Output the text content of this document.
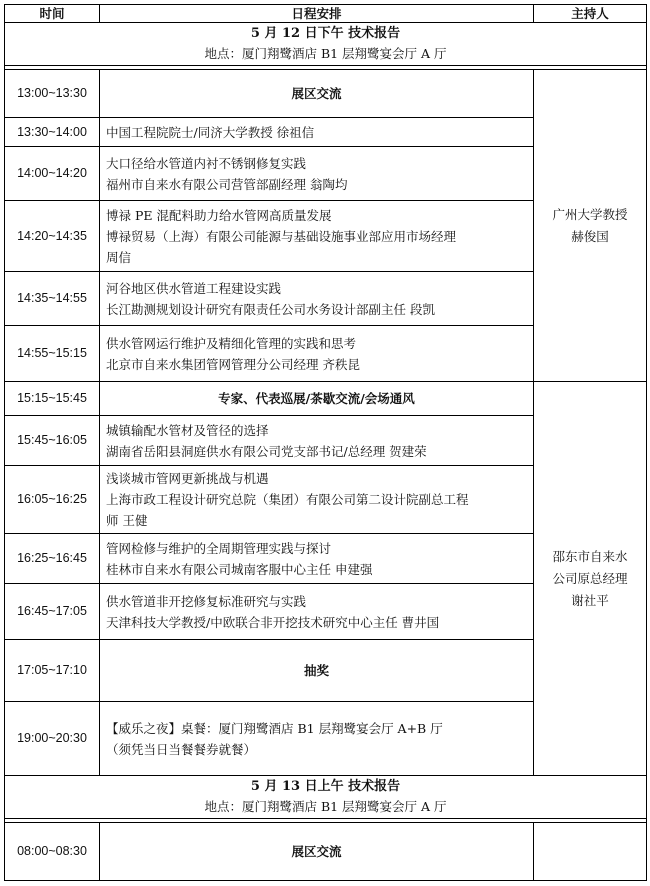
时间	日程安排	主持人

5 月 12 日下午 技术报告
地点：厦门翔鹭酒店 B1 层翔鹭宴会厅 A 厅		

13:00~13:30	展区交流	广州大学教授
赫俊国

13:30~14:00	中国工程院院士/同济大学教授 徐祖信	

14:00~14:20	大口径给水管道内衬不锈钢修复实践
福州市自来水有限公司营管部副经理 翁陶均	

14:20~14:35	博禄 PE 混配料助力给水管网高质量发展
博禄贸易（上海）有限公司能源与基础设施事业部应用市场经理
周信	

14:35~14:55	河谷地区供水管道工程建设实践
长江勘测规划设计研究有限责任公司水务设计部副主任 段凯	

14:55~15:15	供水管网运行维护及精细化管理的实践和思考
北京市自来水集团管网管理分公司经理 齐秩昆	

15:15~15:45	专家、代表巡展/茶歇交流/会场通风	邵东市自来水
公司原总经理
谢社平

15:45~16:05	城镇输配水管材及管径的选择
湖南省岳阳县洞庭供水有限公司党支部书记/总经理 贺建荣	

16:05~16:25	浅谈城市管网更新挑战与机遇
上海市政工程设计研究总院（集团）有限公司第二设计院副总工程
师 王健	

16:25~16:45	管网检修与维护的全周期管理实践与探讨
桂林市自来水有限公司城南客服中心主任 申建强	

16:45~17:05	供水管道非开挖修复标准研究与实践
天津科技大学教授/中欧联合非开挖技术研究中心主任 曹井国	

17:05~17:10	抽奖	
19:00~20:30	【威乐之夜】桌餐：厦门翔鹭酒店 B1 层翔鹭宴会厅 A+B 厅
（须凭当日当餐餐券就餐）	

5 月 13 日上午 技术报告
地点：厦门翔鹭酒店 B1 层翔鹭宴会厅 A 厅		

08:00~08:30	展区交流	
